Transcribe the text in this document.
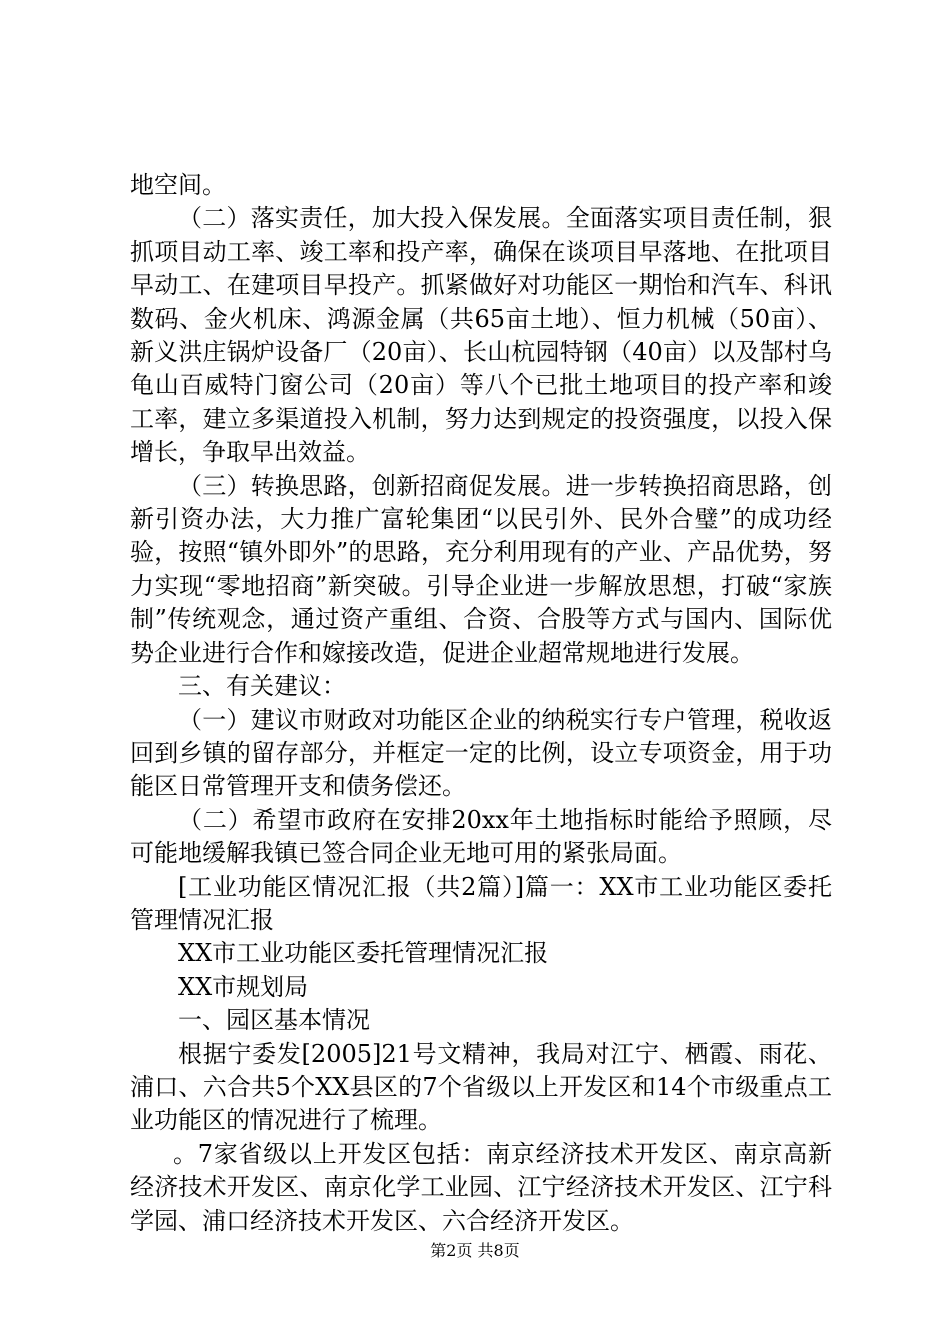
地空间。

（二）落实责任，加大投入保发展。全面落实项目责任制，狠抓项目动工率、竣工率和投产率，确保在谈项目早落地、在批项目早动工、在建项目早投产。抓紧做好对功能区一期怡和汽车、科讯数码、金火机床、鸿源金属（共65亩土地）、恒力机械（50亩）、新义洪庄锅炉设备厂（20亩）、长山杭园特钢（40亩）以及郜村乌龟山百威特门窗公司（20亩）等八个已批土地项目的投产率和竣工率，建立多渠道投入机制，努力达到规定的投资强度，以投入保增长，争取早出效益。

（三）转换思路，创新招商促发展。进一步转换招商思路，创新引资办法，大力推广富轮集团“以民引外、民外合璧”的成功经验，按照“镇外即外”的思路，充分利用现有的产业、产品优势，努力实现“零地招商”新突破。引导企业进一步解放思想，打破“家族制”传统观念，通过资产重组、合资、合股等方式与国内、国际优势企业进行合作和嫁接改造，促进企业超常规地进行发展。

三、有关建议：

（一）建议市财政对功能区企业的纳税实行专户管理，税收返回到乡镇的留存部分，并框定一定的比例，设立专项资金，用于功能区日常管理开支和债务偿还。

（二）希望市政府在安排20xx年土地指标时能给予照顾，尽可能地缓解我镇已签合同企业无地可用的紧张局面。

[工业功能区情况汇报（共2篇）]篇一：XX市工业功能区委托管理情况汇报

XX市工业功能区委托管理情况汇报

XX市规划局

一、园区基本情况

根据宁委发[2005]21号文精神，我局对江宁、栖霞、雨花、浦口、六合共5个XX县区的7个省级以上开发区和14个市级重点工业功能区的情况进行了梳理。

。7家省级以上开发区包括：南京经济技术开发区、南京高新经济技术开发区、南京化学工业园、江宁经济技术开发区、江宁科学园、浦口经济技术开发区、六合经济开发区。

第2页 共8页
